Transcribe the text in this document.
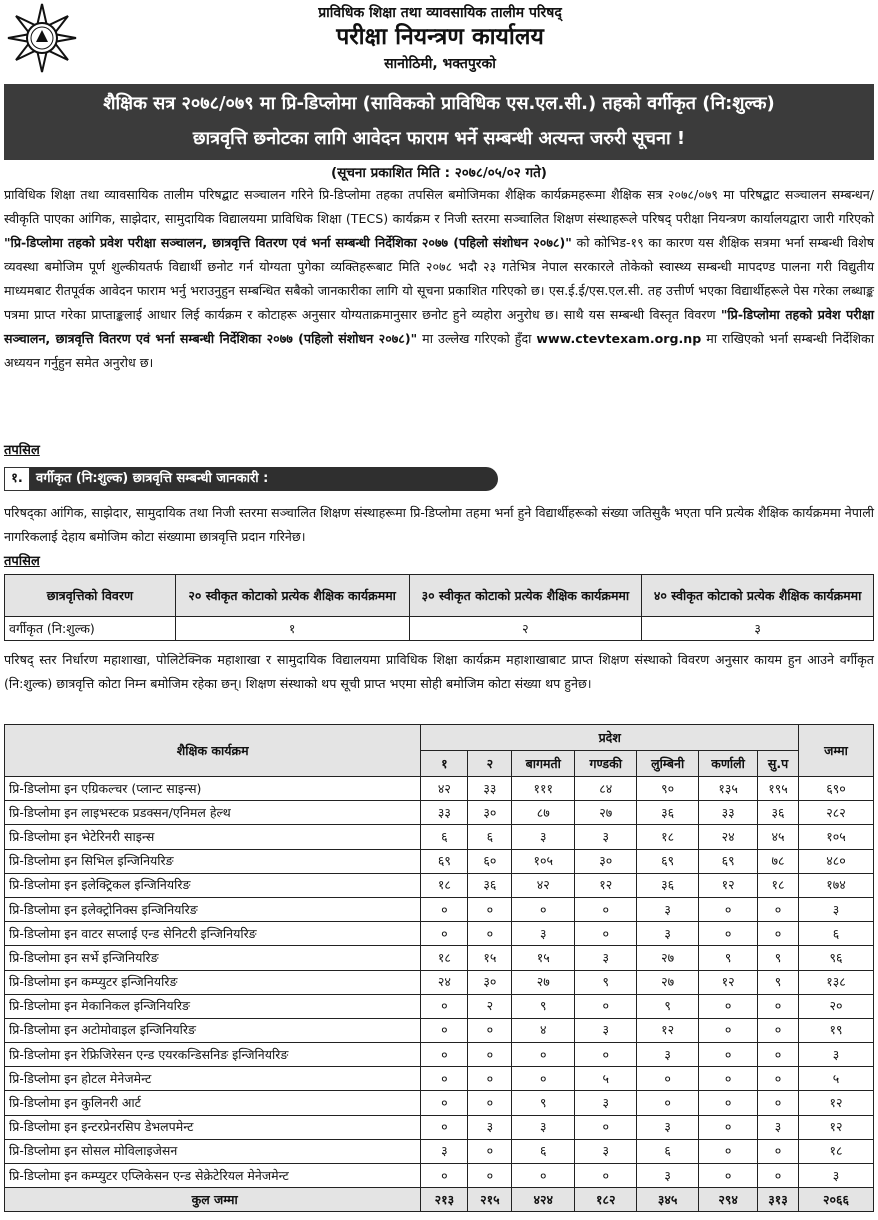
प्राविधिक शिक्षा तथा व्यावसायिक तालीम परिषद्
परीक्षा नियन्त्रण कार्यालय
सानोठिमी, भक्तपुरको
शैक्षिक सत्र २०७८/०७९ मा प्रि-डिप्लोमा (साविकको प्राविधिक एस.एल.सी.) तहको वर्गीकृत (नि:शुल्क)
छात्रवृत्ति छनोटका लागि आवेदन फाराम भर्ने सम्बन्धी अत्यन्त जरुरी सूचना !
(सूचना प्रकाशित मिति : २०७८/०५/०२ गते)
प्राविधिक शिक्षा तथा व्यावसायिक तालीम परिषद्बाट सञ्चालन गरिने प्रि-डिप्लोमा तहका तपसिल बमोजिमका शैक्षिक कार्यक्रमहरूमा शैक्षिक सत्र २०७८/०७९ मा परिषद्बाट सञ्चालन सम्बन्धन/स्वीकृति पाएका आंगिक, साझेदार, सामुदायिक विद्यालयमा प्राविधिक शिक्षा (TECS) कार्यक्रम र निजी स्तरमा सञ्चालित शिक्षण संस्थाहरूले परिषद् परीक्षा नियन्त्रण कार्यालयद्वारा जारी गरिएको "प्रि-डिप्लोमा तहको प्रवेश परीक्षा सञ्चालन, छात्रवृत्ति वितरण एवं भर्ना सम्बन्धी निर्देशिका २०७७ (पहिलो संशोधन २०७८)" को कोभिड-१९ का कारण यस शैक्षिक सत्रमा भर्ना सम्बन्धी विशेष व्यवस्था बमोजिम पूर्ण शुल्कीयतर्फ विद्यार्थी छनोट गर्न योग्यता पुगेका व्यक्तिहरूबाट मिति २०७८ भदौ २३ गतेभित्र नेपाल सरकारले तोकेको स्वास्थ्य सम्बन्धी मापदण्ड पालना गरी विद्युतीय माध्यमबाट रीतपूर्वक आवेदन फाराम भर्नु भराउनुहुन सम्बन्धित सबैको जानकारीका लागि यो सूचना प्रकाशित गरिएको छ। एस.ई.ई/एस.एल.सी. तह उत्तीर्ण भएका विद्यार्थीहरूले पेस गरेका लब्धाङ्क पत्रमा प्राप्त गरेका प्राप्ताङ्कलाई आधार लिई कार्यक्रम र कोटाहरू अनुसार योग्यताक्रमानुसार छनोट हुने व्यहोरा अनुरोध छ। साथै यस सम्बन्धी विस्तृत विवरण "प्रि-डिप्लोमा तहको प्रवेश परीक्षा सञ्चालन, छात्रवृत्ति वितरण एवं भर्ना सम्बन्धी निर्देशिका २०७७ (पहिलो संशोधन २०७८)" मा उल्लेख गरिएको हुँदा www.ctevtexam.org.np मा राखिएको भर्ना सम्बन्धी निर्देशिका अध्ययन गर्नुहुन समेत अनुरोध छ।
तपसिल
१.	वर्गीकृत (नि:शुल्क) छात्रवृत्ति सम्बन्धी जानकारी :
परिषद्का आंगिक, साझेदार, सामुदायिक तथा निजी स्तरमा सञ्चालित शिक्षण संस्थाहरूमा प्रि-डिप्लोमा तहमा भर्ना हुने विद्यार्थीहरूको संख्या जतिसुकै भएता पनि प्रत्येक शैक्षिक कार्यक्रममा नेपाली नागरिकलाई देहाय बमोजिम कोटा संख्यामा छात्रवृत्ति प्रदान गरिनेछ।
तपसिल
छात्रवृत्तिको विवरण	२० स्वीकृत कोटाको प्रत्येक शैक्षिक कार्यक्रममा	३० स्वीकृत कोटाको प्रत्येक शैक्षिक कार्यक्रममा	४० स्वीकृत कोटाको प्रत्येक शैक्षिक कार्यक्रममा
वर्गीकृत (नि:शुल्क)	१	२	३
परिषद् स्तर निर्धारण महाशाखा, पोलिटेक्निक महाशाखा र सामुदायिक विद्यालयमा प्राविधिक शिक्षा कार्यक्रम महाशाखाबाट प्राप्त शिक्षण संस्थाको विवरण अनुसार कायम हुन आउने वर्गीकृत (नि:शुल्क) छात्रवृत्ति कोटा निम्न बमोजिम रहेका छन्। शिक्षण संस्थाको थप सूची प्राप्त भएमा सोही बमोजिम कोटा संख्या थप हुनेछ।
शैक्षिक कार्यक्रम	प्रदेश							जम्मा
	१	२	बागमती	गण्डकी	लुम्बिनी	कर्णाली	सु.प	
प्रि-डिप्लोमा इन एग्रिकल्चर (प्लान्ट साइन्स)	४२	३३	१११	८४	९०	१३५	१९५	६९०
प्रि-डिप्लोमा इन लाइभस्टक प्रडक्सन/एनिमल हेल्थ	३३	३०	८७	२७	३६	३३	३६	२८२
प्रि-डिप्लोमा इन भेटेरिनरी साइन्स	६	६	३	३	१८	२४	४५	१०५
प्रि-डिप्लोमा इन सिभिल इन्जिनियरिङ	६९	६०	१०५	३०	६९	६९	७८	४८०
प्रि-डिप्लोमा इन इलेक्ट्रिकल इन्जिनियरिङ	१८	३६	४२	१२	३६	१२	१८	१७४
प्रि-डिप्लोमा इन इलेक्ट्रोनिक्स इन्जिनियरिङ	०	०	०	०	३	०	०	३
प्रि-डिप्लोमा इन वाटर सप्लाई एन्ड सेनिटरी इन्जिनियरिङ	०	०	३	०	३	०	०	६
प्रि-डिप्लोमा इन सर्भे इन्जिनियरिङ	१८	१५	१५	३	२७	९	९	९६
प्रि-डिप्लोमा इन कम्प्युटर इन्जिनियरिङ	२४	३०	२७	९	२७	१२	९	१३८
प्रि-डिप्लोमा इन मेकानिकल इन्जिनियरिङ	०	२	९	०	९	०	०	२०
प्रि-डिप्लोमा इन अटोमोवाइल इन्जिनियरिङ	०	०	४	३	१२	०	०	१९
प्रि-डिप्लोमा इन रेफ्रिजिरेसन एन्ड एयरकन्डिसनिङ इन्जिनियरिङ	०	०	०	०	३	०	०	३
प्रि-डिप्लोमा इन होटल मेनेजमेन्ट	०	०	०	५	०	०	०	५
प्रि-डिप्लोमा इन कुलिनरी आर्ट	०	०	९	३	०	०	०	१२
प्रि-डिप्लोमा इन इन्टरप्रेनरसिप डेभलपमेन्ट	०	३	३	०	३	०	३	१२
प्रि-डिप्लोमा इन सोसल मोविलाइजेसन	३	०	६	३	६	०	०	१८
प्रि-डिप्लोमा इन कम्प्युटर एप्लिकेसन एन्ड सेक्रेटेरियल मेनेजमेन्ट	०	०	०	०	३	०	०	३
कुल जम्मा	२१३	२१५	४२४	१८२	३४५	२९४	३१३	२०६६
